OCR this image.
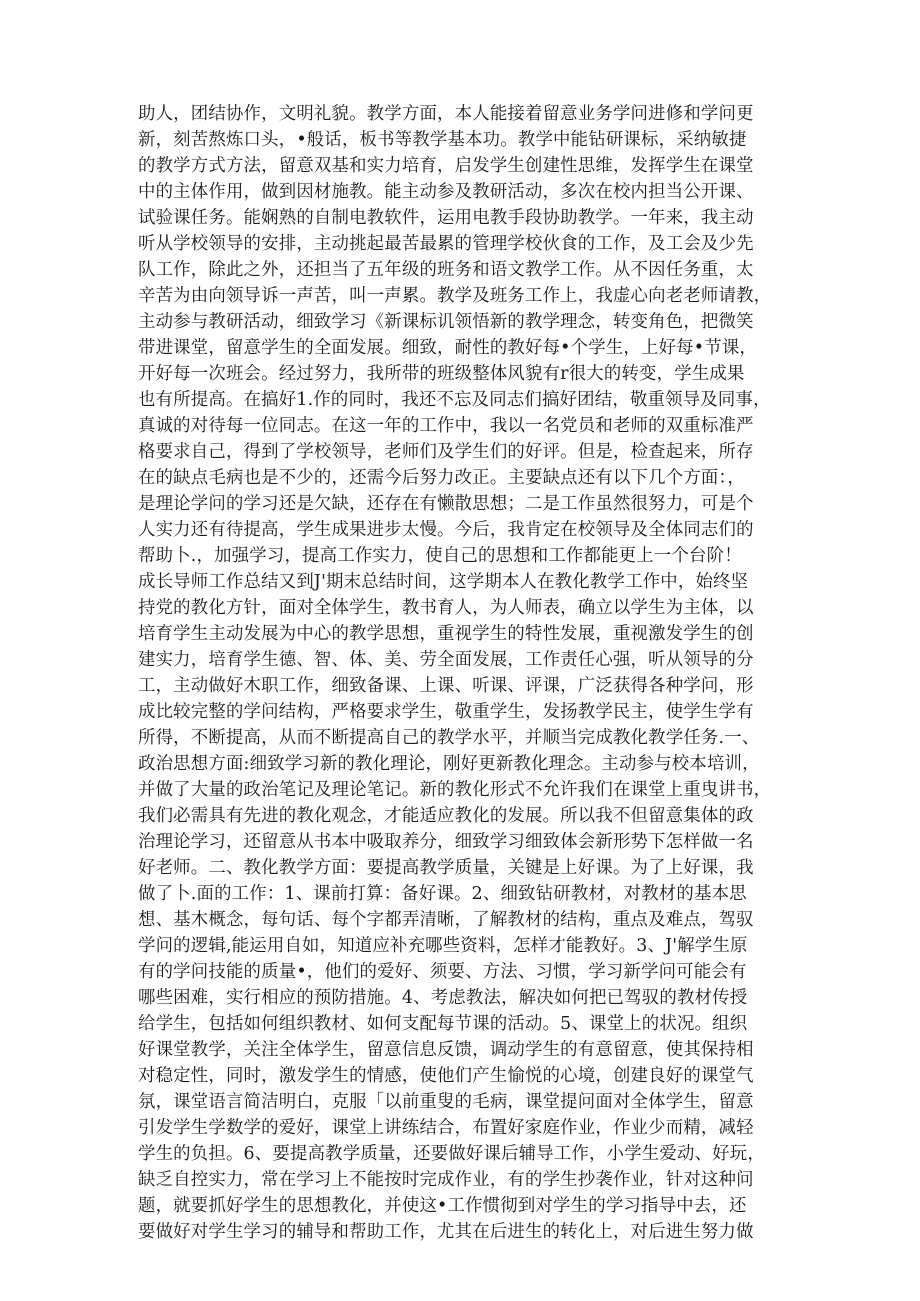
助人，团结协作，文明礼貌。教学方面，本人能接着留意业务学问进修和学问更
新，刻苦熬炼口头，•般话，板书等教学基本功。教学中能钻研课标，采纳敏捷
的教学方式方法，留意双基和实力培育，启发学生创建性思维，发挥学生在课堂
中的主体作用，做到因材施教。能主动参及教研活动，多次在校内担当公开课、
试验课任务。能娴熟的自制电教软件，运用电教手段协助教学。一年来，我主动
听从学校领导的安排，主动挑起最苦最累的管理学校伙食的工作，及工会及少先
队工作，除此之外，还担当了五年级的班务和语文教学工作。从不因任务重，太
辛苦为由向领导诉一声苦，叫一声累。教学及班务工作上，我虚心向老老师请教，
主动参与教研活动，细致学习《新课标讥领悟新的教学理念，转变角色，把微笑
带进课堂，留意学生的全面发展。细致，耐性的教好每•个学生，上好每•节课，
开好每一次班会。经过努力，我所带的班级整体风貌有r很大的转变，学生成果
也有所提高。在搞好1.作的同时，我还不忘及同志们搞好团结，敬重领导及同事，
真诚的对待每一位同志。在这一年的工作中，我以一名党员和老师的双重标准严
格要求自己，得到了学校领导，老师们及学生们的好评。但是，检查起来，所存
在的缺点毛病也是不少的，还需今后努力改正。主要缺点还有以下几个方面：，
是理论学问的学习还是欠缺，还存在有懒散思想；二是工作虽然很努力，可是个
人实力还有待提高，学生成果进步太慢。今后，我肯定在校领导及全体同志们的
帮助卜.，加强学习，提高工作实力，使自己的思想和工作都能更上一个台阶！
成长导师工作总结又到J'期末总结时间，这学期本人在教化教学工作中，始终坚
持党的教化方针，面对全体学生，教书育人，为人师表，确立以学生为主体，以
培育学生主动发展为中心的教学思想，重视学生的特性发展，重视激发学生的创
建实力，培育学生德、智、体、美、劳全面发展，工作责任心强，听从领导的分
工，主动做好木职工作，细致备课、上课、听课、评课，广泛获得各种学问，形
成比较完整的学问结构，严格要求学生，敬重学生，发扬教学民主，使学生学有
所得，不断提高，从而不断提高自己的教学水平，并顺当完成教化教学任务.一、
政治思想方面:细致学习新的教化理论，刚好更新教化理念。主动参与校本培训，
并做了大量的政治笔记及理论笔记。新的教化形式不允许我们在课堂上重曳讲书，
我们必需具有先进的教化观念，才能适应教化的发展。所以我不但留意集体的政
治理论学习，还留意从书本中吸取养分，细致学习细致体会新形势下怎样做一名
好老师。二、教化教学方面：要提高教学质量，关键是上好课。为了上好课，我
做了卜.面的工作：1、课前打算：备好课。2、细致钻研教材，对教材的基本思
想、基木概念，每句话、每个字都弄清晰，了解教材的结构，重点及难点，驾驭
学问的逻辑,能运用自如，知道应补充哪些资料，怎样才能教好。3、J'解学生原
有的学问技能的质量•，他们的爱好、须要、方法、习惯，学习新学问可能会有
哪些困难，实行相应的预防措施。4、考虑教法，解决如何把已驾驭的教材传授
给学生，包括如何组织教材、如何支配每节课的活动。5、课堂上的状况。组织
好课堂教学，关注全体学生，留意信息反馈，调动学生的有意留意，使其保持相
对稳定性，同时，激发学生的情感，使他们产生愉悦的心境，创建良好的课堂气
氛，课堂语言简洁明白，克服「以前重叟的毛病，课堂提问面对全体学生，留意
引发学生学数学的爱好，课堂上讲练结合，布置好家庭作业，作业少而精，减轻
学生的负担。6、要提高教学质量，还要做好课后辅导工作，小学生爱动、好玩，
缺乏自控实力，常在学习上不能按时完成作业，有的学生抄袭作业，针对这种问
题，就要抓好学生的思想教化，并使这•工作惯彻到对学生的学习指导中去，还
要做好对学生学习的辅导和帮助工作，尤其在后进生的转化上，对后进生努力做
